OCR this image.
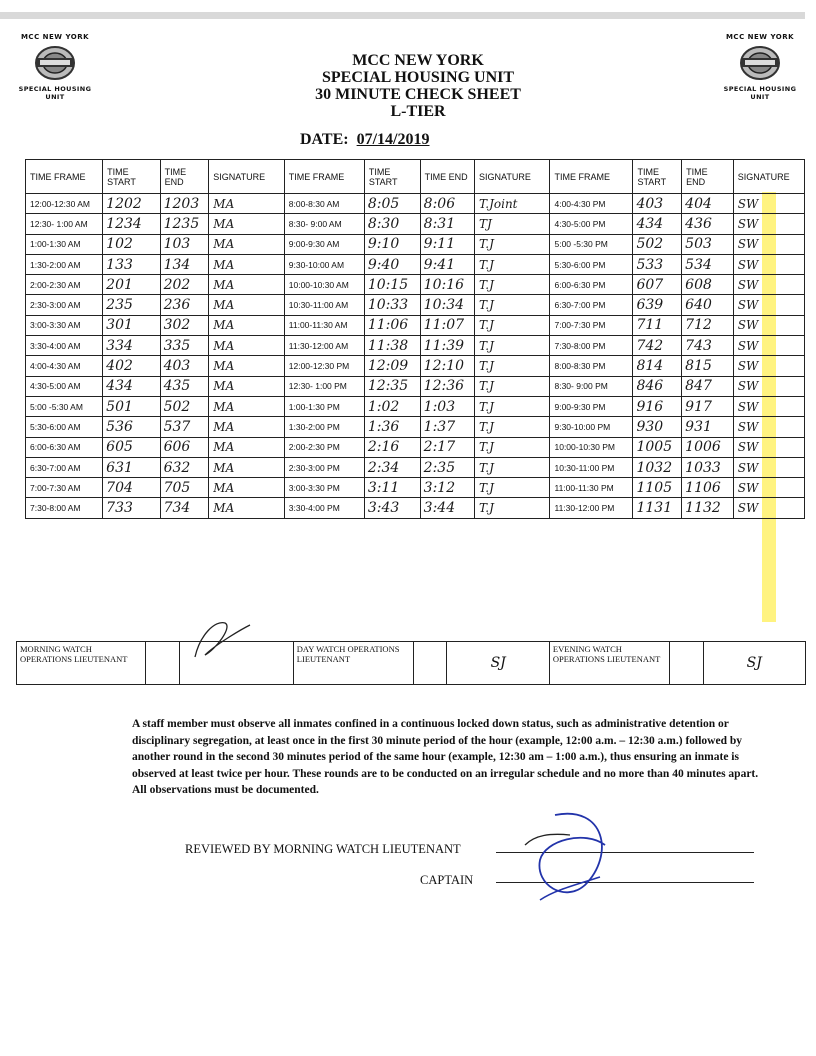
MCC NEW YORK
SPECIAL HOUSING UNIT
MCC NEW YORK
SPECIAL HOUSING UNIT
MCC NEW YORK
SPECIAL HOUSING UNIT
30 MINUTE CHECK SHEET
L-TIER
DATE: 07/14/2019
TIME FRAME	TIME START	TIME END	SIGNATURE	TIME FRAME	TIME START	TIME END	SIGNATURE	TIME FRAME	TIME START	TIME END	SIGNATURE
12:00-12:30 AM	1202	1203	MA	8:00-8:30 AM	8:05	8:06	T.Joint	4:00-4:30 PM	403	404	SW
12:30- 1:00 AM	1234	1235	MA	8:30- 9:00 AM	8:30	8:31	TJ	4:30-5:00 PM	434	436	SW
1:00-1:30 AM	102	103	MA	9:00-9:30 AM	9:10	9:11	T.J	5:00 -5:30 PM	502	503	SW
1:30-2:00 AM	133	134	MA	9:30-10:00 AM	9:40	9:41	T.J	5:30-6:00 PM	533	534	SW
2:00-2:30 AM	201	202	MA	10:00-10:30 AM	10:15	10:16	T.J	6:00-6:30 PM	607	608	SW
2:30-3:00 AM	235	236	MA	10:30-11:00 AM	10:33	10:34	T.J	6:30-7:00 PM	639	640	SW
3:00-3:30 AM	301	302	MA	11:00-11:30 AM	11:06	11:07	T.J	7:00-7:30 PM	711	712	SW
3:30-4:00 AM	334	335	MA	11:30-12:00 AM	11:38	11:39	T.J	7:30-8:00 PM	742	743	SW
4:00-4:30 AM	402	403	MA	12:00-12:30 PM	12:09	12:10	T.J	8:00-8:30 PM	814	815	SW
4:30-5:00 AM	434	435	MA	12:30- 1:00 PM	12:35	12:36	T.J	8:30- 9:00 PM	846	847	SW
5:00 -5:30 AM	501	502	MA	1:00-1:30 PM	1:02	1:03	T.J	9:00-9:30 PM	916	917	SW
5:30-6:00 AM	536	537	MA	1:30-2:00 PM	1:36	1:37	T.J	9:30-10:00 PM	930	931	SW
6:00-6:30 AM	605	606	MA	2:00-2:30 PM	2:16	2:17	T.J	10:00-10:30 PM	1005	1006	SW
6:30-7:00 AM	631	632	MA	2:30-3:00 PM	2:34	2:35	T.J	10:30-11:00 PM	1032	1033	SW
7:00-7:30 AM	704	705	MA	3:00-3:30 PM	3:11	3:12	T.J	11:00-11:30 PM	1105	1106	SW
7:30-8:00 AM	733	734	MA	3:30-4:00 PM	3:43	3:44	T.J	11:30-12:00 PM	1131	1132	SW
MORNING WATCH OPERATIONS LIEUTENANT			DAY WATCH OPERATIONS LIEUTENANT		SJ	EVENING WATCH OPERATIONS LIEUTENANT		SJ
A staff member must observe all inmates confined in a continuous locked down status, such as administrative detention or disciplinary segregation, at least once in the first 30 minute period of the hour (example, 12:00 a.m. – 12:30 a.m.) followed by another round in the second 30 minutes period of the same hour (example, 12:30 am – 1:00 a.m.), thus ensuring an inmate is observed at least twice per hour. These rounds are to be conducted on an irregular schedule and no more than 40 minutes apart. All observations must be documented.
REVIEWED BY MORNING WATCH LIEUTENANT
CAPTAIN
